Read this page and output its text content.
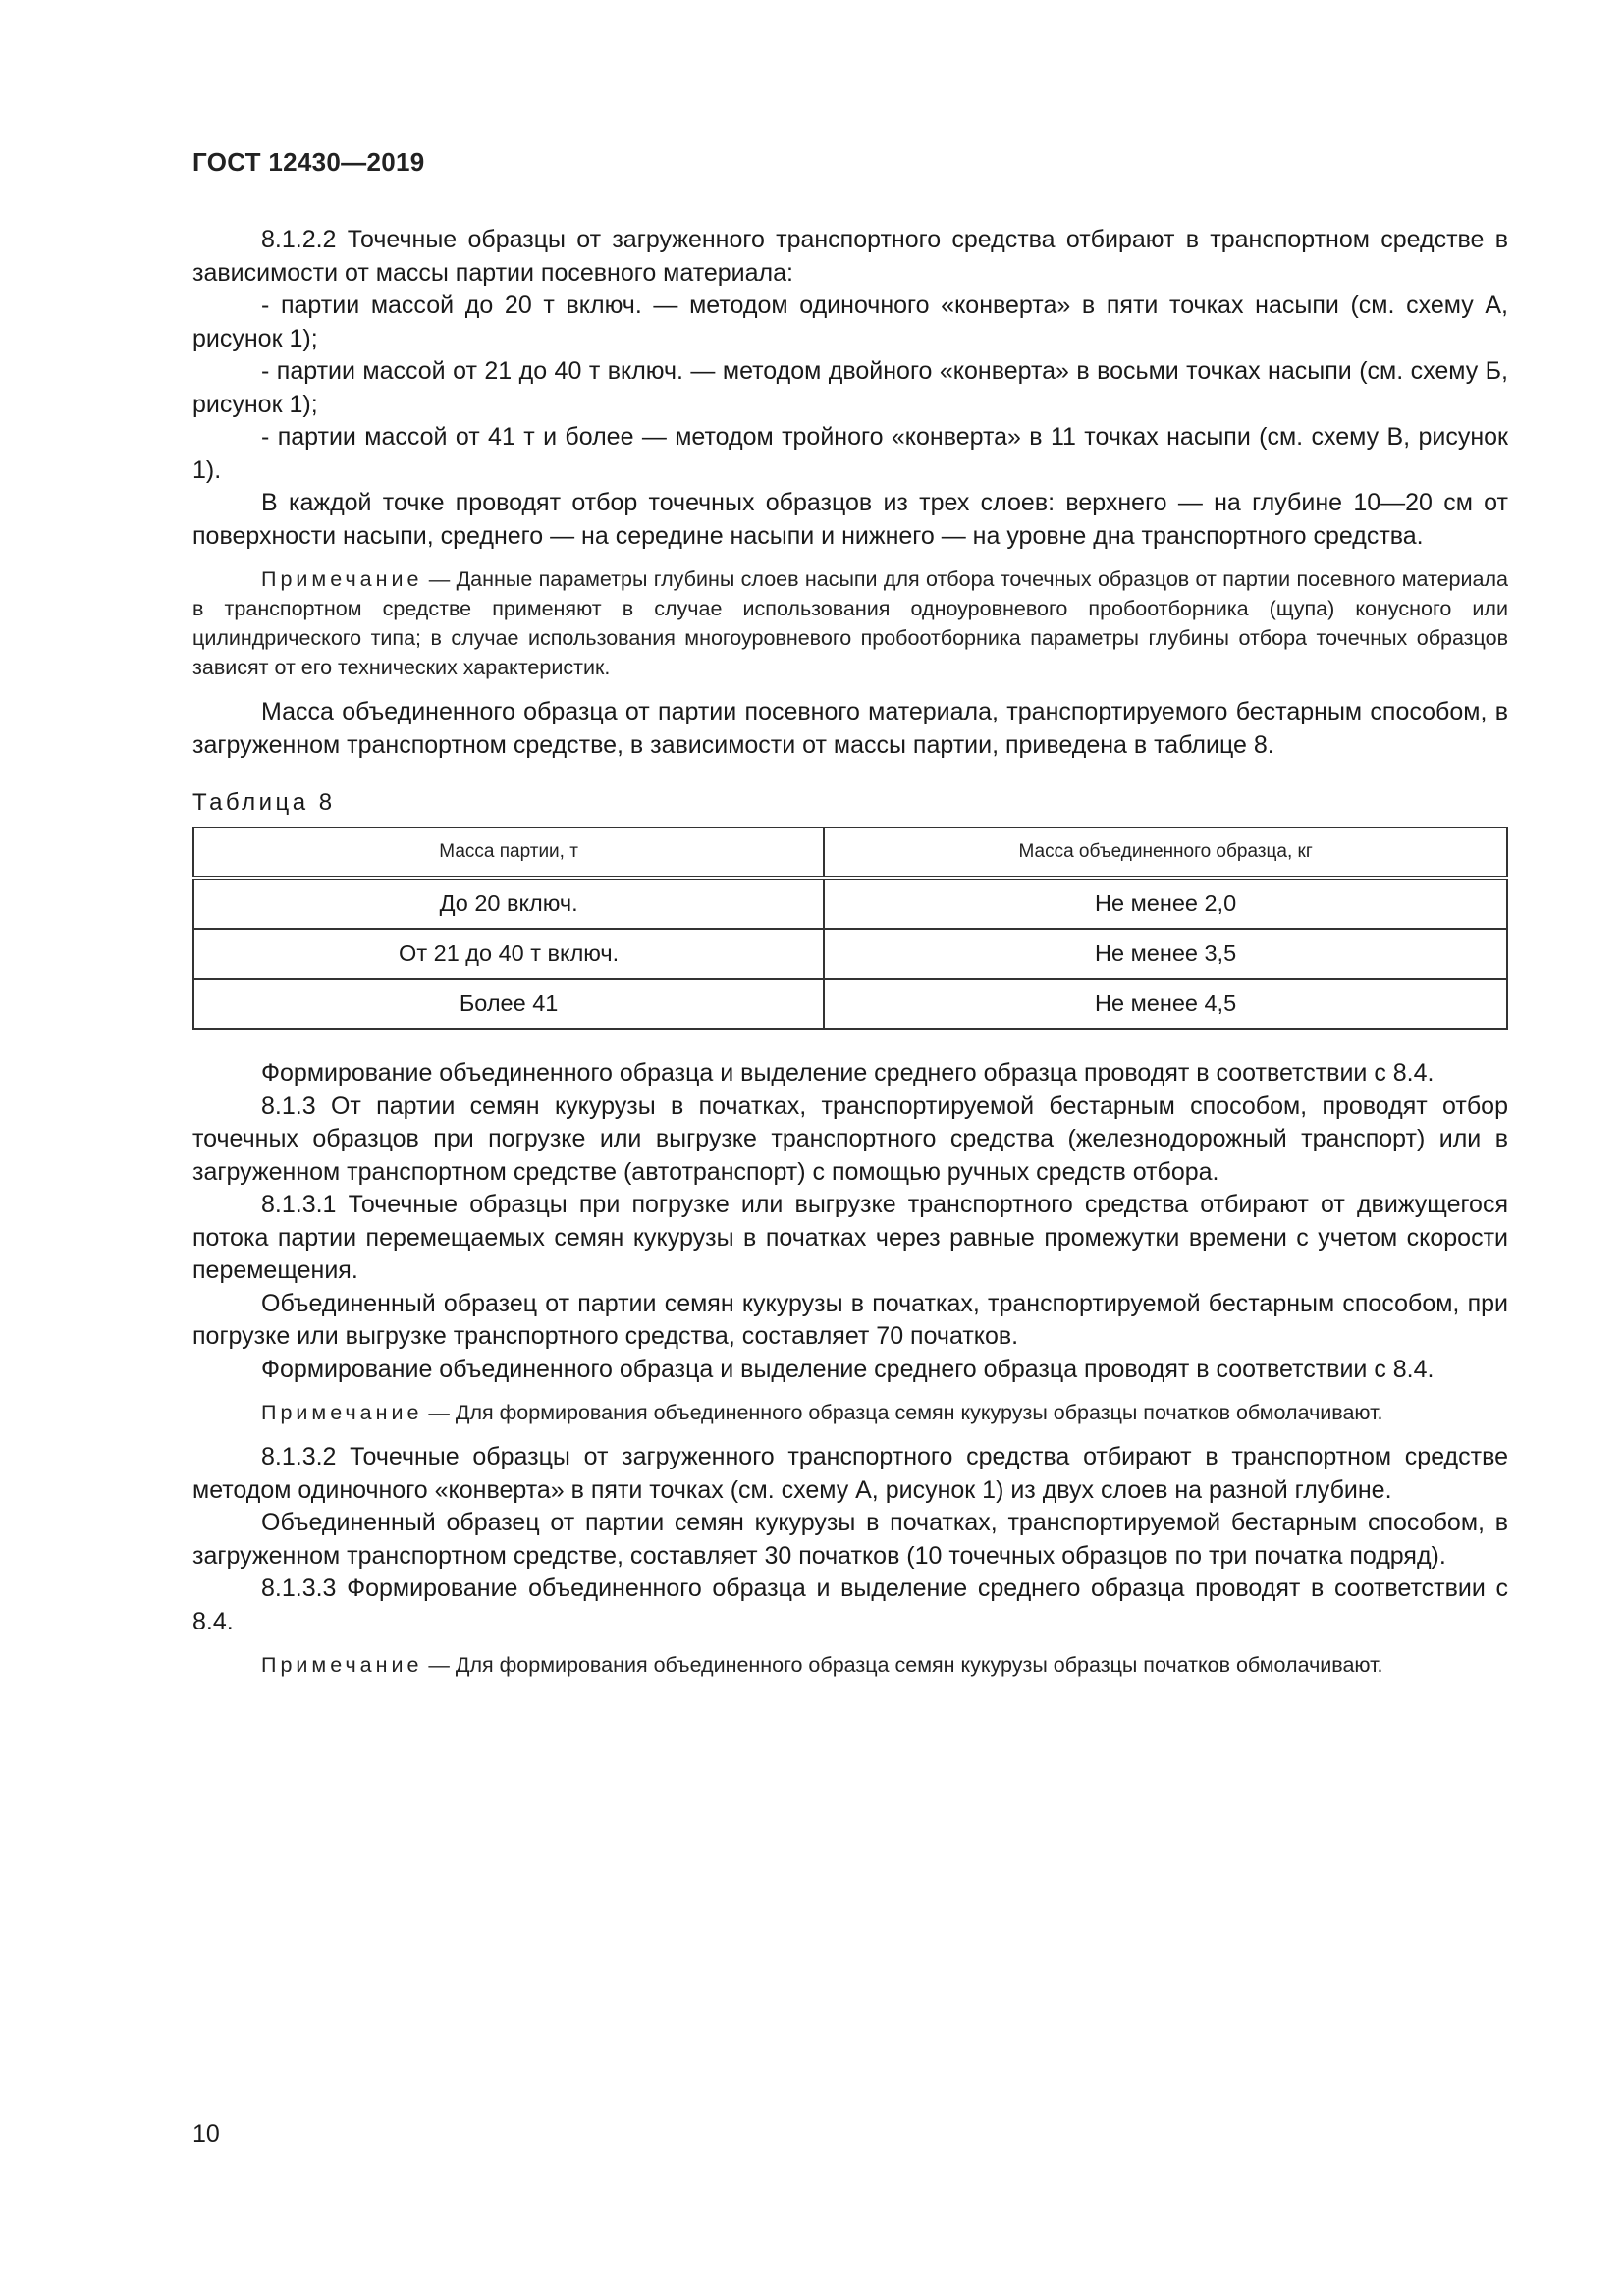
ГОСТ 12430—2019

8.1.2.2 Точечные образцы от загруженного транспортного средства отбирают в транспортном средстве в зависимости от массы партии посевного материала:

- партии массой до 20 т включ. — методом одиночного «конверта» в пяти точках насыпи (см. схему А, рисунок 1);

- партии массой от 21 до 40 т включ. — методом двойного «конверта» в восьми точках насыпи (см. схему Б, рисунок 1);

- партии массой от 41 т и более — методом тройного «конверта» в 11 точках насыпи (см. схему В, рисунок 1).

В каждой точке проводят отбор точечных образцов из трех слоев: верхнего — на глубине 10—20 см от поверхности насыпи, среднего — на середине насыпи и нижнего — на уровне дна транспортного средства.

Примечание — Данные параметры глубины слоев насыпи для отбора точечных образцов от партии посевного материала в транспортном средстве применяют в случае использования одноуровневого пробоотборника (щупа) конусного или цилиндрического типа; в случае использования многоуровневого пробоотборника параметры глубины отбора точечных образцов зависят от его технических характеристик.

Масса объединенного образца от партии посевного материала, транспортируемого бестарным способом, в загруженном транспортном средстве, в зависимости от массы партии, приведена в таблице 8.

Таблица 8
Масса партии, т	Масса объединенного образца, кг
До 20 включ.	Не менее 2,0
От 21 до 40 т включ.	Не менее 3,5
Более 41	Не менее 4,5

Формирование объединенного образца и выделение среднего образца проводят в соответствии с 8.4.

8.1.3 От партии семян кукурузы в початках, транспортируемой бестарным способом, проводят отбор точечных образцов при погрузке или выгрузке транспортного средства (железнодорожный транспорт) или в загруженном транспортном средстве (автотранспорт) с помощью ручных средств отбора.

8.1.3.1 Точечные образцы при погрузке или выгрузке транспортного средства отбирают от движущегося потока партии перемещаемых семян кукурузы в початках через равные промежутки времени с учетом скорости перемещения.

Объединенный образец от партии семян кукурузы в початках, транспортируемой бестарным способом, при погрузке или выгрузке транспортного средства, составляет 70 початков.

Формирование объединенного образца и выделение среднего образца проводят в соответствии с 8.4.

Примечание — Для формирования объединенного образца семян кукурузы образцы початков обмолачивают.

8.1.3.2 Точечные образцы от загруженного транспортного средства отбирают в транспортном средстве методом одиночного «конверта» в пяти точках (см. схему А, рисунок 1) из двух слоев на разной глубине.

Объединенный образец от партии семян кукурузы в початках, транспортируемой бестарным способом, в загруженном транспортном средстве, составляет 30 початков (10 точечных образцов по три початка подряд).

8.1.3.3 Формирование объединенного образца и выделение среднего образца проводят в соответствии с 8.4.

Примечание — Для формирования объединенного образца семян кукурузы образцы початков обмолачивают.

10
